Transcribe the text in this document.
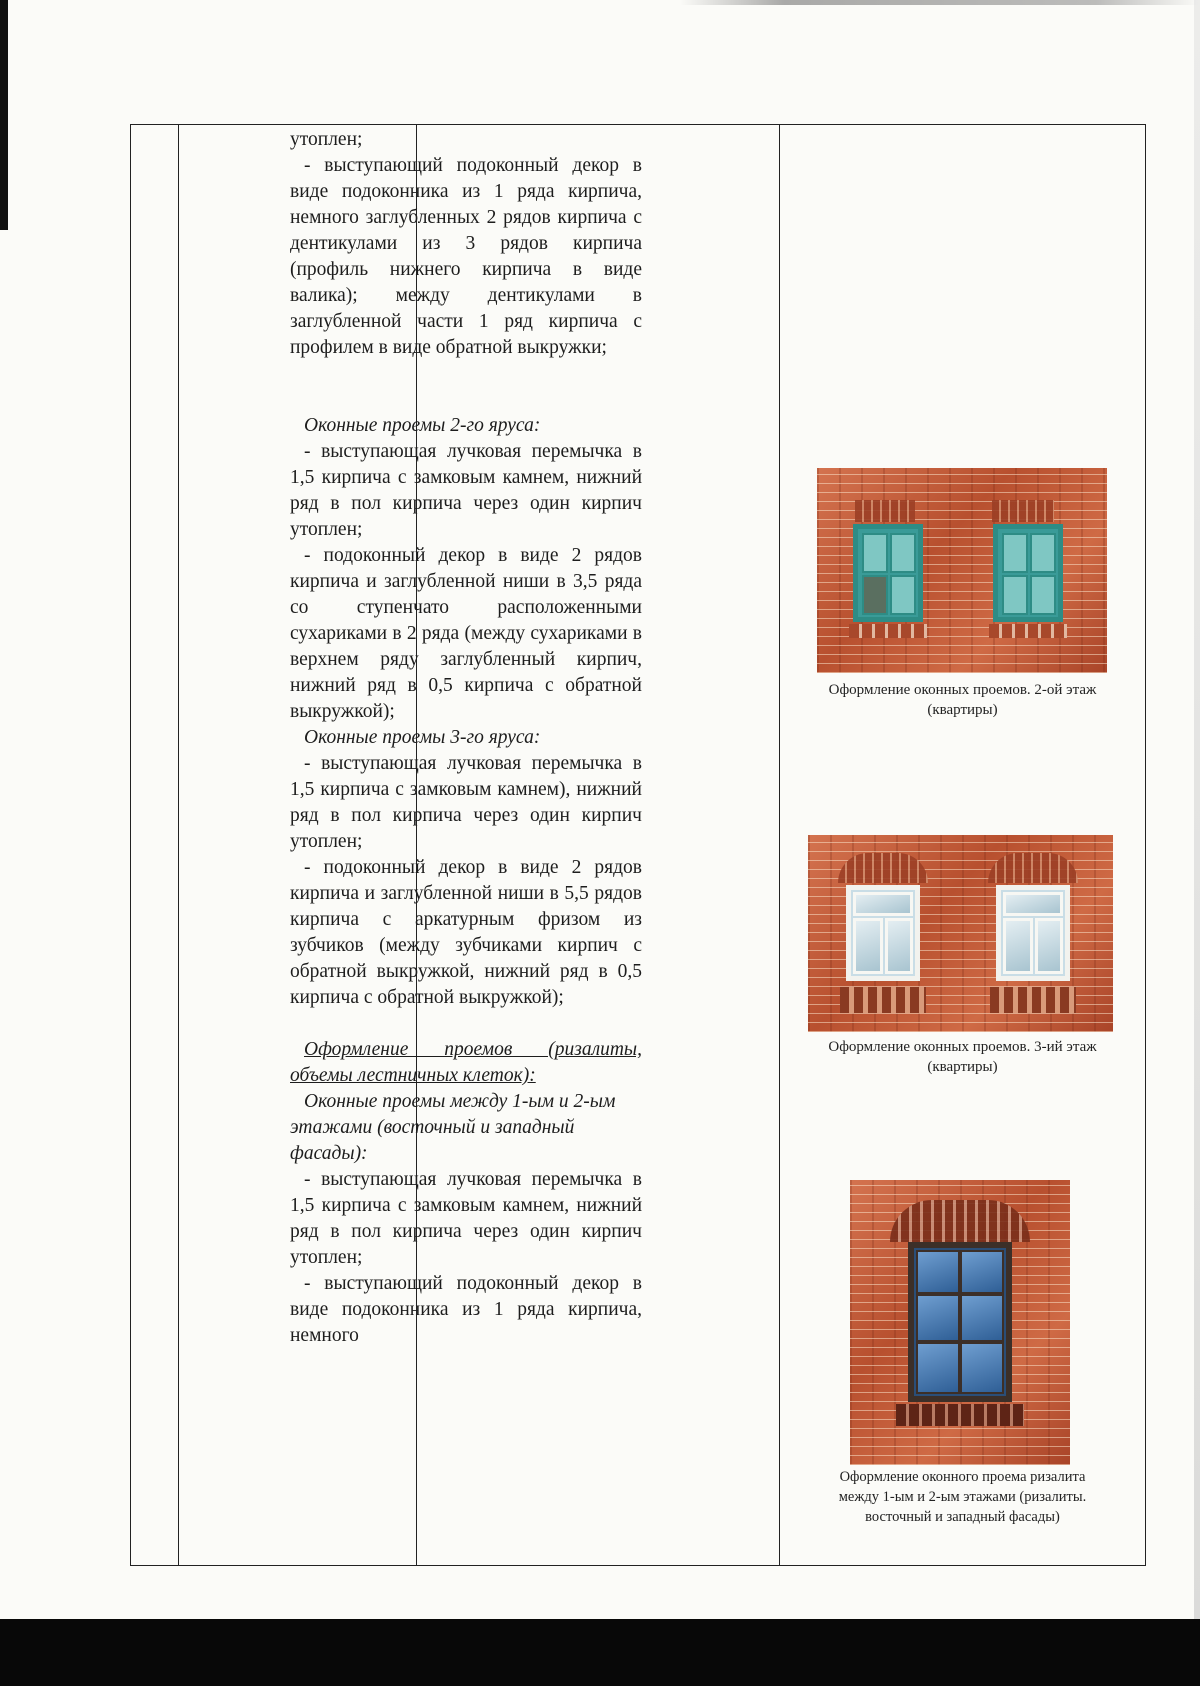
утоплен;

- выступающий подоконный декор в виде подоконника из 1 ряда кирпича, немного заглубленных 2 рядов кирпича с дентикулами из 3 рядов кирпича (профиль нижнего кирпича в виде валика); между дентикулами в заглубленной части 1 ряд кирпича с профилем в виде обратной выкружки;

Оконные проемы 2-го яруса:

- выступающая лучковая перемычка в 1,5 кирпича с замковым камнем, нижний ряд в пол кирпича через один кирпич утоплен;

- подоконный декор в виде 2 рядов кирпича и заглубленной ниши в 3,5 ряда со ступенчато расположенными сухариками в 2 ряда (между сухариками в верхнем ряду заглубленный кирпич, нижний ряд в 0,5 кирпича с обратной выкружкой);

Оконные проемы 3-го яруса:

- выступающая лучковая перемычка в 1,5 кирпича с замковым камнем), нижний ряд в пол кирпича через один кирпич утоплен;

- подоконный декор в виде 2 рядов кирпича и заглубленной ниши в 5,5 рядов кирпича с аркатурным фризом из зубчиков (между зубчиками кирпич с обратной выкружкой, нижний ряд в 0,5 кирпича с обратной выкружкой);

Оформление проемов (ризалиты, объемы лестничных клеток):

Оконные проемы между 1-ым и 2-ым этажами (восточный и западный фасады):

- выступающая лучковая перемычка в 1,5 кирпича с замковым камнем, нижний ряд в пол кирпича через один кирпич утоплен;

- выступающий подоконный декор в виде подоконника из 1 ряда кирпича, немного

Оформление оконных проемов. 2-ой этаж
(квартиры)
Оформление оконных проемов. 3-ий этаж
(квартиры)
Оформление оконного проема ризалита
между 1-ым и 2-ым этажами (ризалиты.
восточный и западный фасады)
